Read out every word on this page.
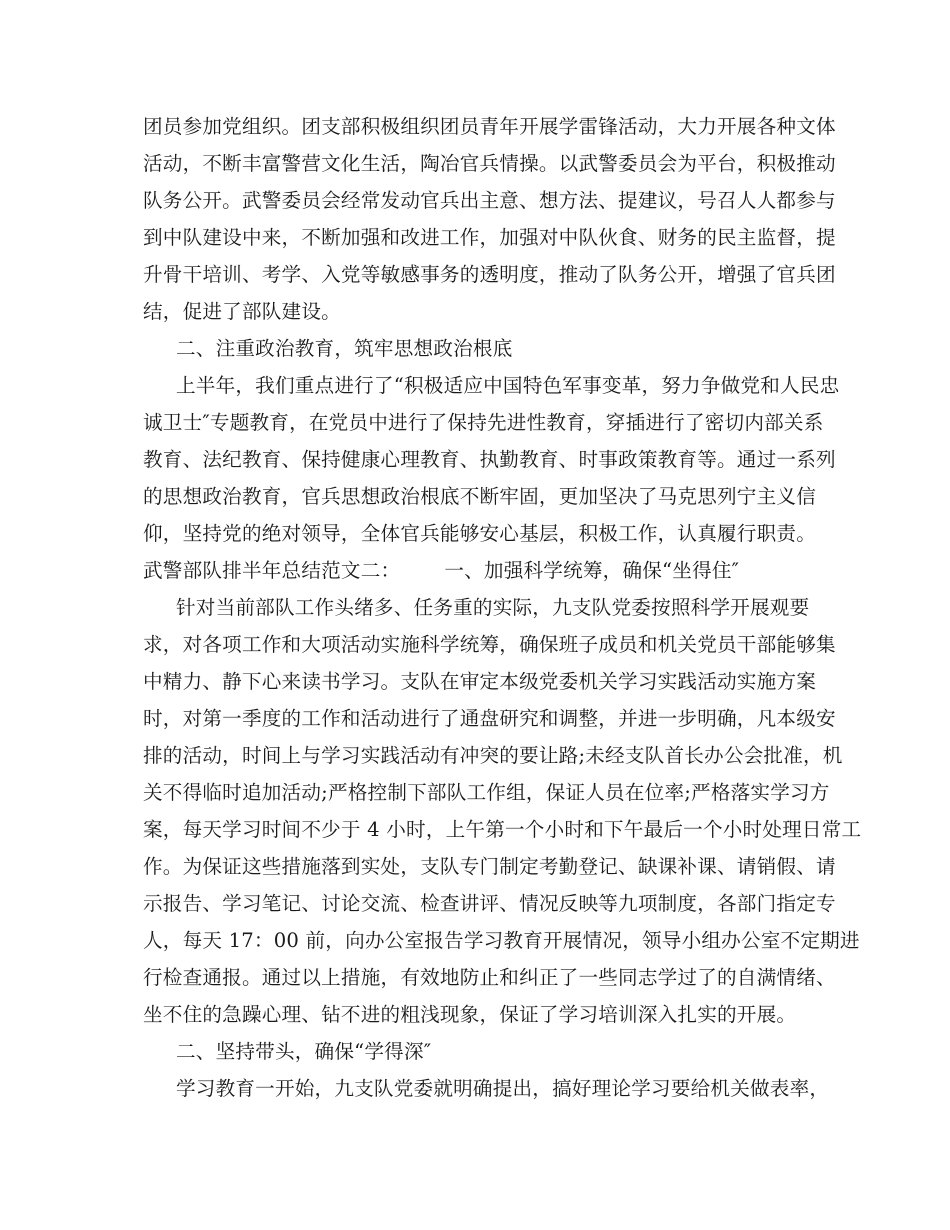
团员参加党组织。团支部积极组织团员青年开展学雷锋活动，大力开展各种文体
活动，不断丰富警营文化生活，陶冶官兵情操。以武警委员会为平台，积极推动
队务公开。武警委员会经常发动官兵出主意、想方法、提建议，号召人人都参与
到中队建设中来，不断加强和改进工作，加强对中队伙食、财务的民主监督，提
升骨干培训、考学、入党等敏感事务的透明度，推动了队务公开，增强了官兵团
结，促进了部队建设。
二、注重政治教育，筑牢思想政治根底
上半年，我们重点进行了“积极适应中国特色军事变革，努力争做党和人民忠
诚卫士″专题教育，在党员中进行了保持先进性教育，穿插进行了密切内部关系
教育、法纪教育、保持健康心理教育、执勤教育、时事政策教育等。通过一系列
的思想政治教育，官兵思想政治根底不断牢固，更加坚决了马克思列宁主义信
仰，坚持党的绝对领导，全体官兵能够安心基层，积极工作，认真履行职责。
武警部队排半年总结范文二： 一、加强科学统筹，确保“坐得住″
针对当前部队工作头绪多、任务重的实际，九支队党委按照科学开展观要
求，对各项工作和大项活动实施科学统筹，确保班子成员和机关党员干部能够集
中精力、静下心来读书学习。支队在审定本级党委机关学习实践活动实施方案
时，对第一季度的工作和活动进行了通盘研究和调整，并进一步明确，凡本级安
排的活动，时间上与学习实践活动有冲突的要让路;未经支队首长办公会批准，机
关不得临时追加活动;严格控制下部队工作组，保证人员在位率;严格落实学习方
案，每天学习时间不少于 4 小时，上午第一个小时和下午最后一个小时处理日常工
作。为保证这些措施落到实处，支队专门制定考勤登记、缺课补课、请销假、请
示报告、学习笔记、讨论交流、检查讲评、情况反映等九项制度，各部门指定专
人，每天 17：00 前，向办公室报告学习教育开展情况，领导小组办公室不定期进
行检查通报。通过以上措施，有效地防止和纠正了一些同志学过了的自满情绪、
坐不住的急躁心理、钻不进的粗浅现象，保证了学习培训深入扎实的开展。
二、坚持带头，确保“学得深″
学习教育一开始，九支队党委就明确提出，搞好理论学习要给机关做表率，
